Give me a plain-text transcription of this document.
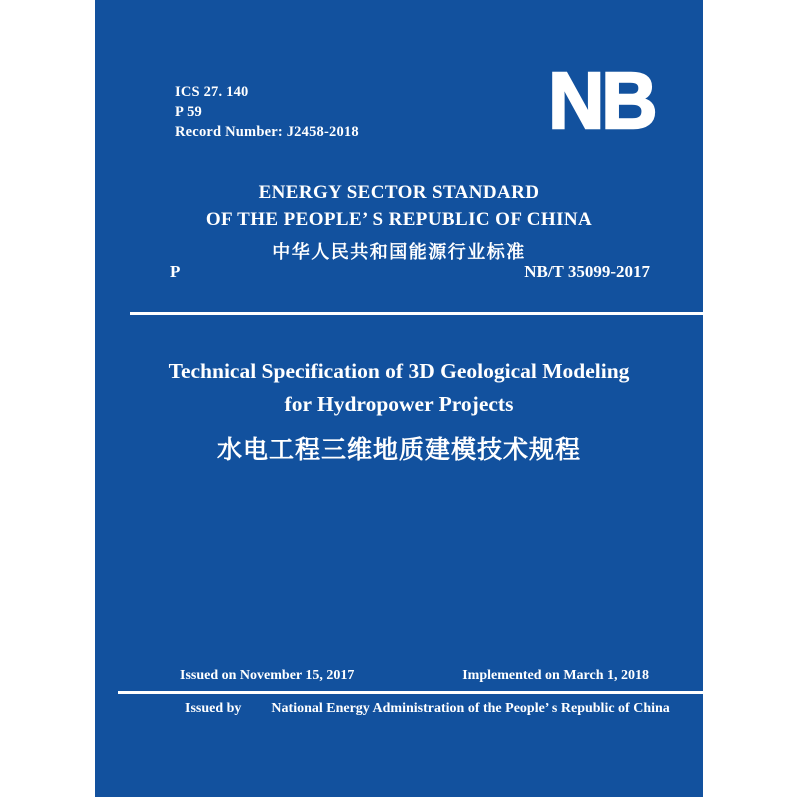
ICS 27. 140
P 59
Record Number: J2458-2018 NB
ENERGY SECTOR STANDARD
OF THE PEOPLE’ S REPUBLIC OF CHINA
中华人民共和国能源行业标准
P	NB/T 35099-2017
Technical Specification of 3D Geological Modeling
for Hydropower Projects
水电工程三维地质建模技术规程
Issued on November 15, 2017	Implemented on March 1, 2018
Issued by National Energy Administration of the People’ s Republic of China
